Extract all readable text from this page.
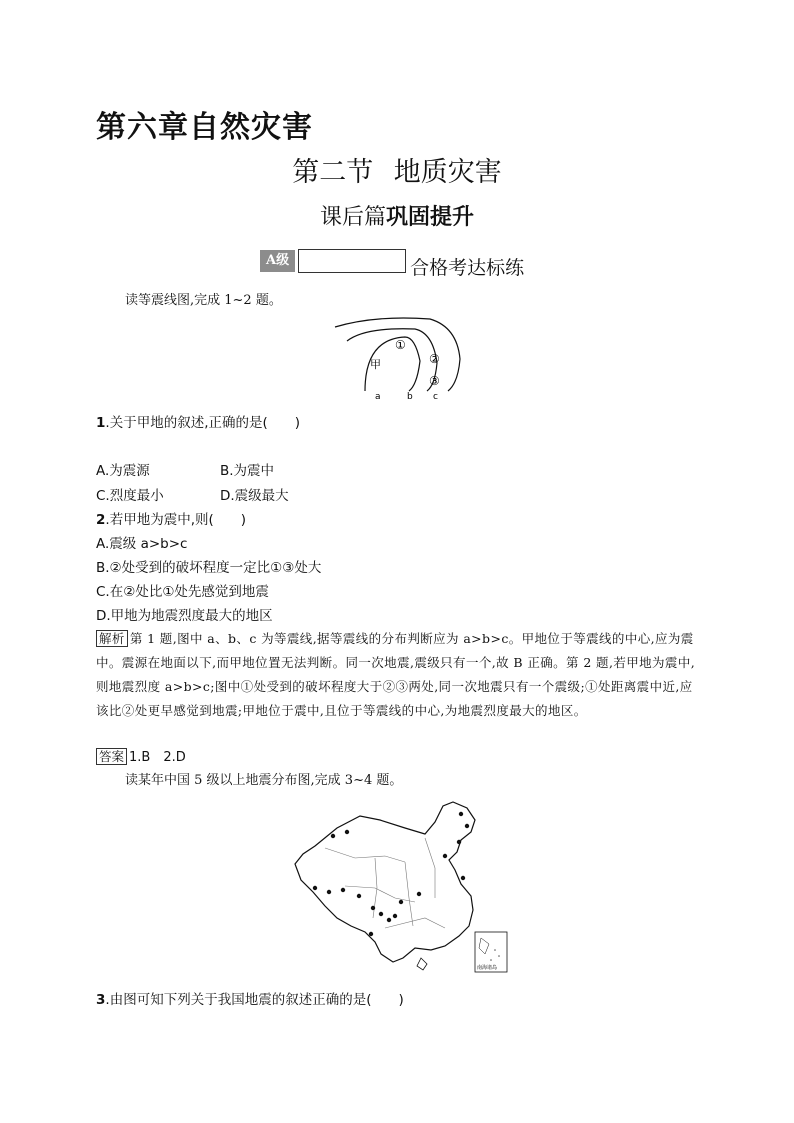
第六章自然灾害
第二节 地质灾害
课后篇巩固提升
A级	合格考达标练
读等震线图,完成 1~2 题。
甲
①
②
③
a	b c
1.关于甲地的叙述,正确的是(　　)
A.为震源	B.为震中
C.烈度最小	D.震级最大
2.若甲地为震中,则(　　)
A.震级 a>b>c
B.②处受到的破坏程度一定比①③处大
C.在②处比①处先感觉到地震
D.甲地为地震烈度最大的地区
解析 第 1 题,图中 a、b、c 为等震线,据等震线的分布判断应为 a>b>c。甲地位于等震线的中心,应为震中。震源在地面以下,而甲地位置无法判断。同一次地震,震级只有一个,故 B 正确。第 2 题,若甲地为震中,则地震烈度 a>b>c;图中①处受到的破坏程度大于②③两处,同一次地震只有一个震级;①处距离震中近,应该比②处更早感觉到地震;甲地位于震中,且位于等震线的中心,为地震烈度最大的地区。
答案 1.B　2.D
读某年中国 5 级以上地震分布图,完成 3~4 题。
南海诸岛
3.由图可知下列关于我国地震的叙述正确的是(　　)
